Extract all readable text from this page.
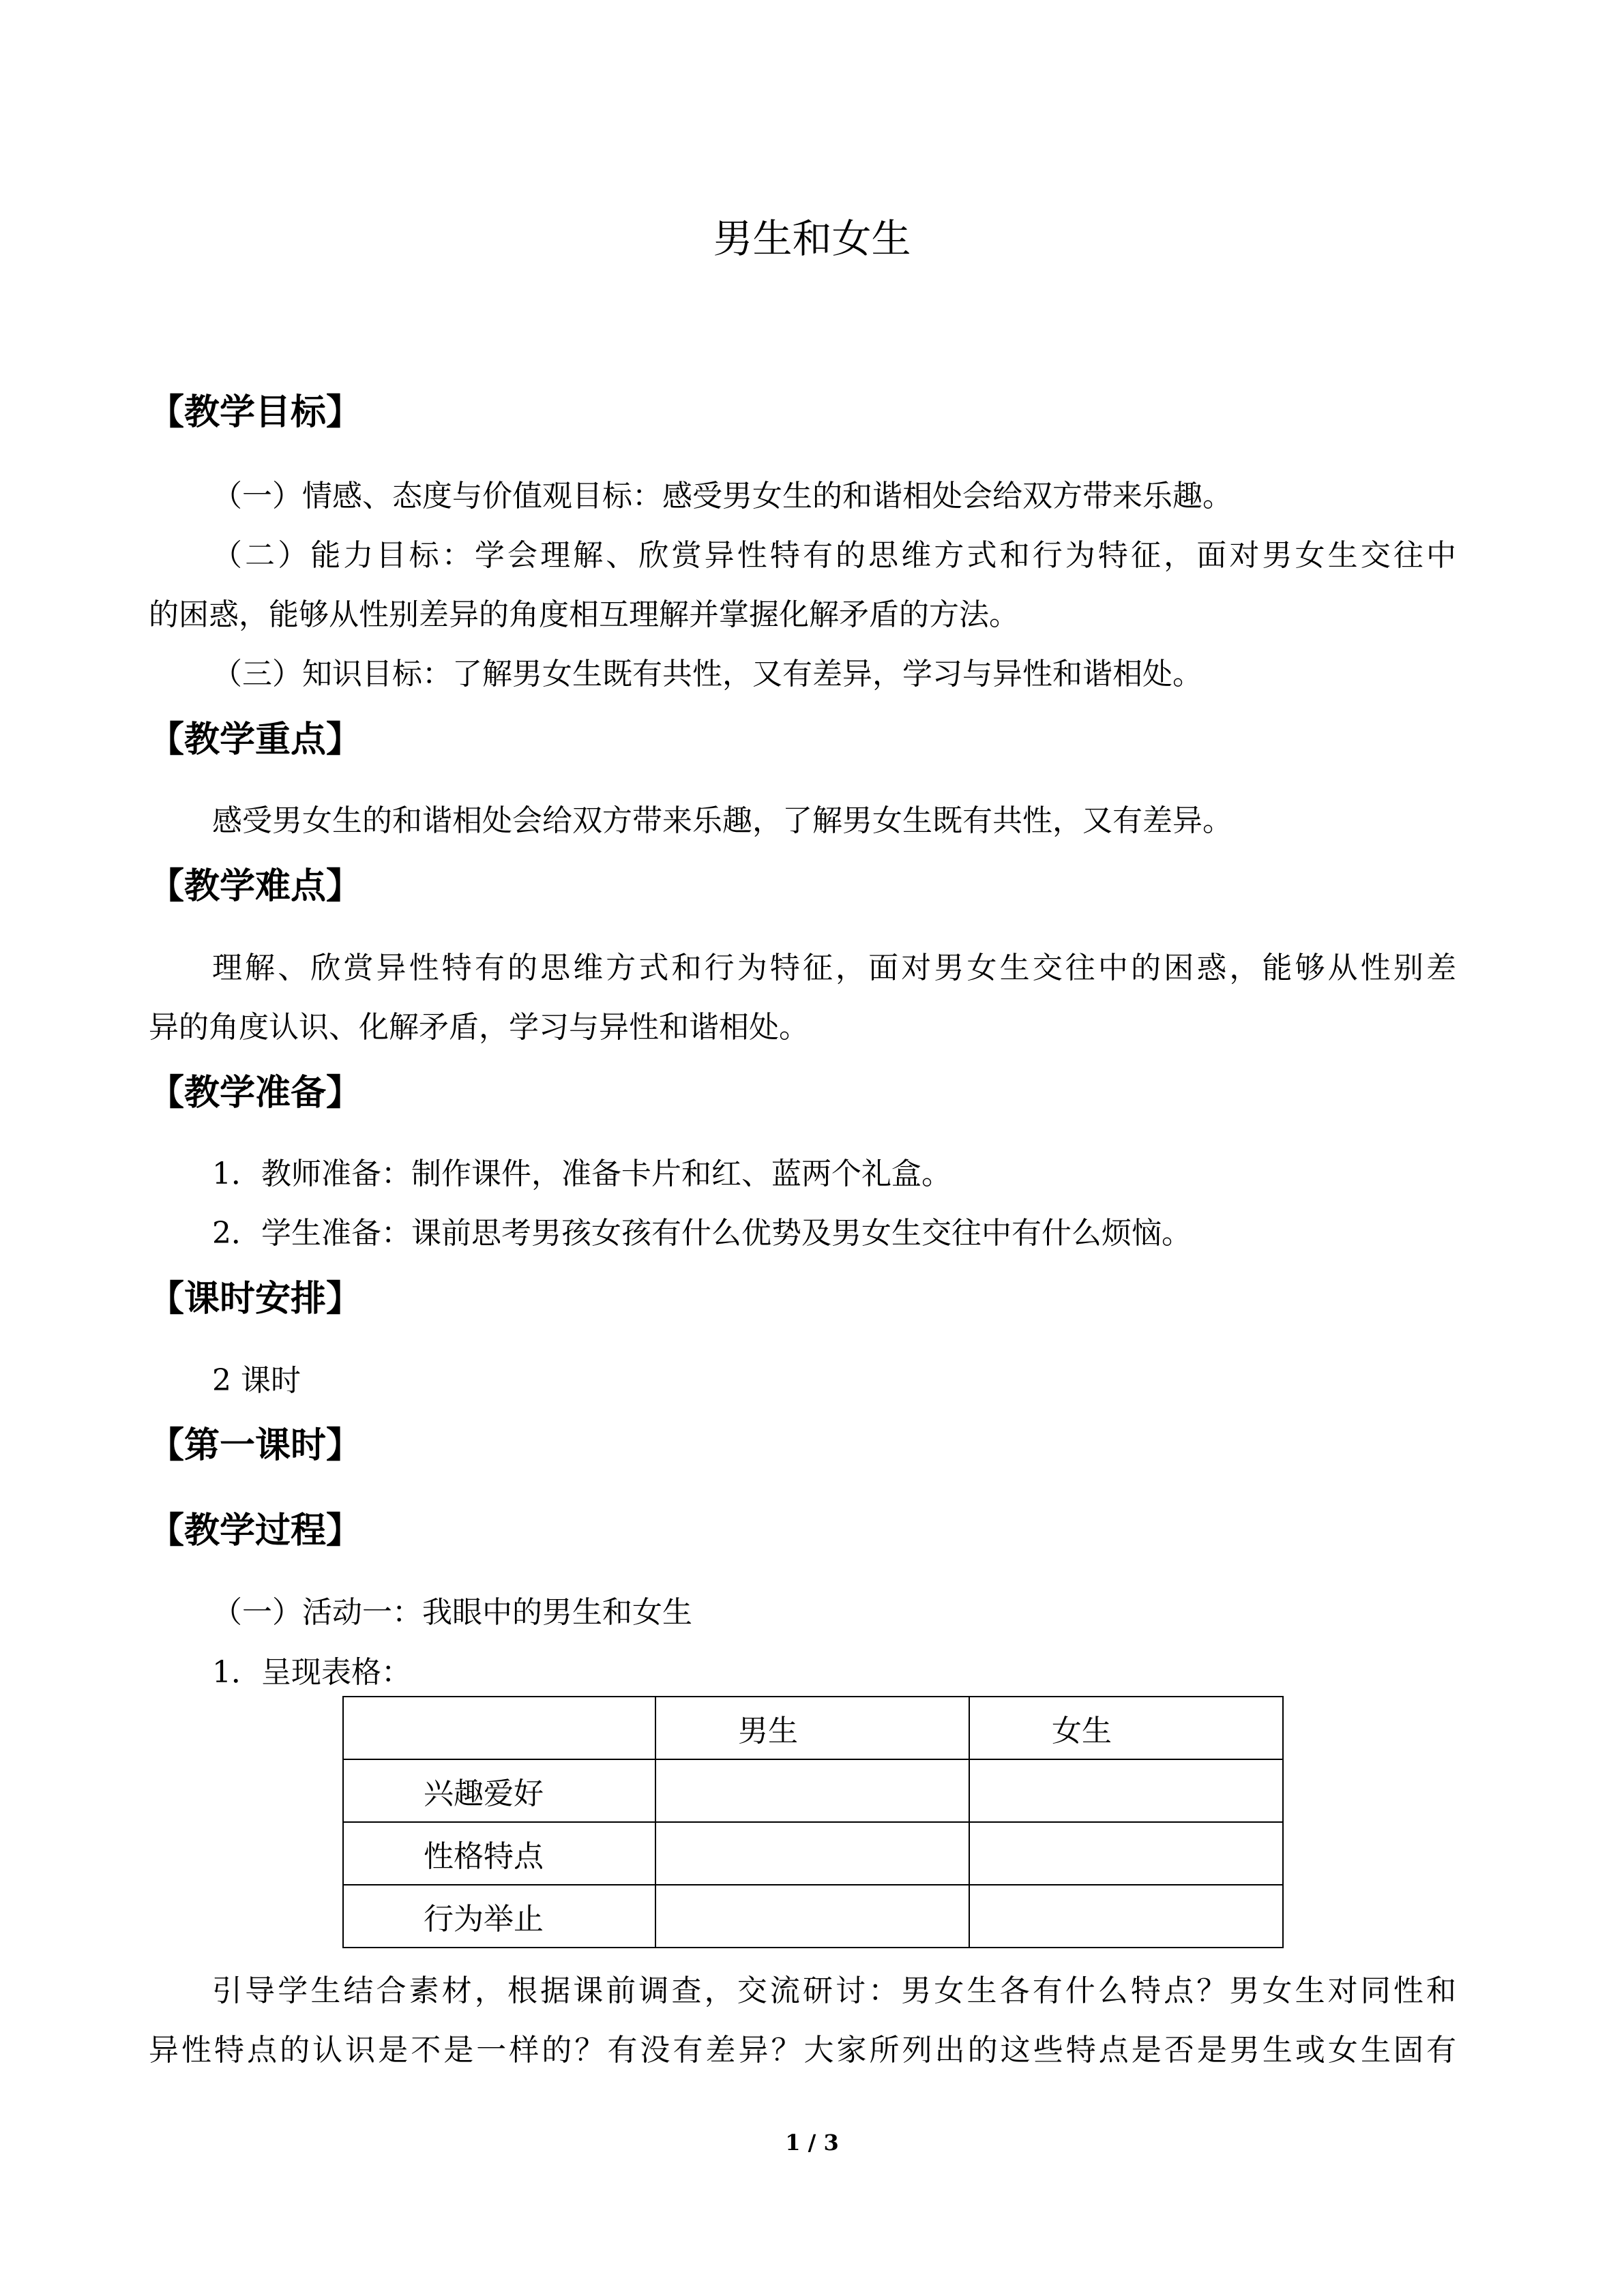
男生和女生
【教学目标】
（一）情感、态度与价值观目标：感受男女生的和谐相处会给双方带来乐趣。
（二）能力目标：学会理解、欣赏异性特有的思维方式和行为特征，面对男女生交往中
的困惑，能够从性别差异的角度相互理解并掌握化解矛盾的方法。
（三）知识目标：了解男女生既有共性，又有差异，学习与异性和谐相处。
【教学重点】
感受男女生的和谐相处会给双方带来乐趣，了解男女生既有共性，又有差异。
【教学难点】
理解、欣赏异性特有的思维方式和行为特征，面对男女生交往中的困惑，能够从性别差
异的角度认识、化解矛盾，学习与异性和谐相处。
【教学准备】
1．教师准备：制作课件，准备卡片和红、蓝两个礼盒。
2．学生准备：课前思考男孩女孩有什么优势及男女生交往中有什么烦恼。
【课时安排】
2 课时
【第一课时】
【教学过程】
（一）活动一：我眼中的男生和女生
1．呈现表格：
	男生	女生
兴趣爱好		
性格特点		
行为举止		
引导学生结合素材，根据课前调查，交流研讨：男女生各有什么特点？男女生对同性和
异性特点的认识是不是一样的？有没有差异？大家所列出的这些特点是否是男生或女生固有
1 / 3
